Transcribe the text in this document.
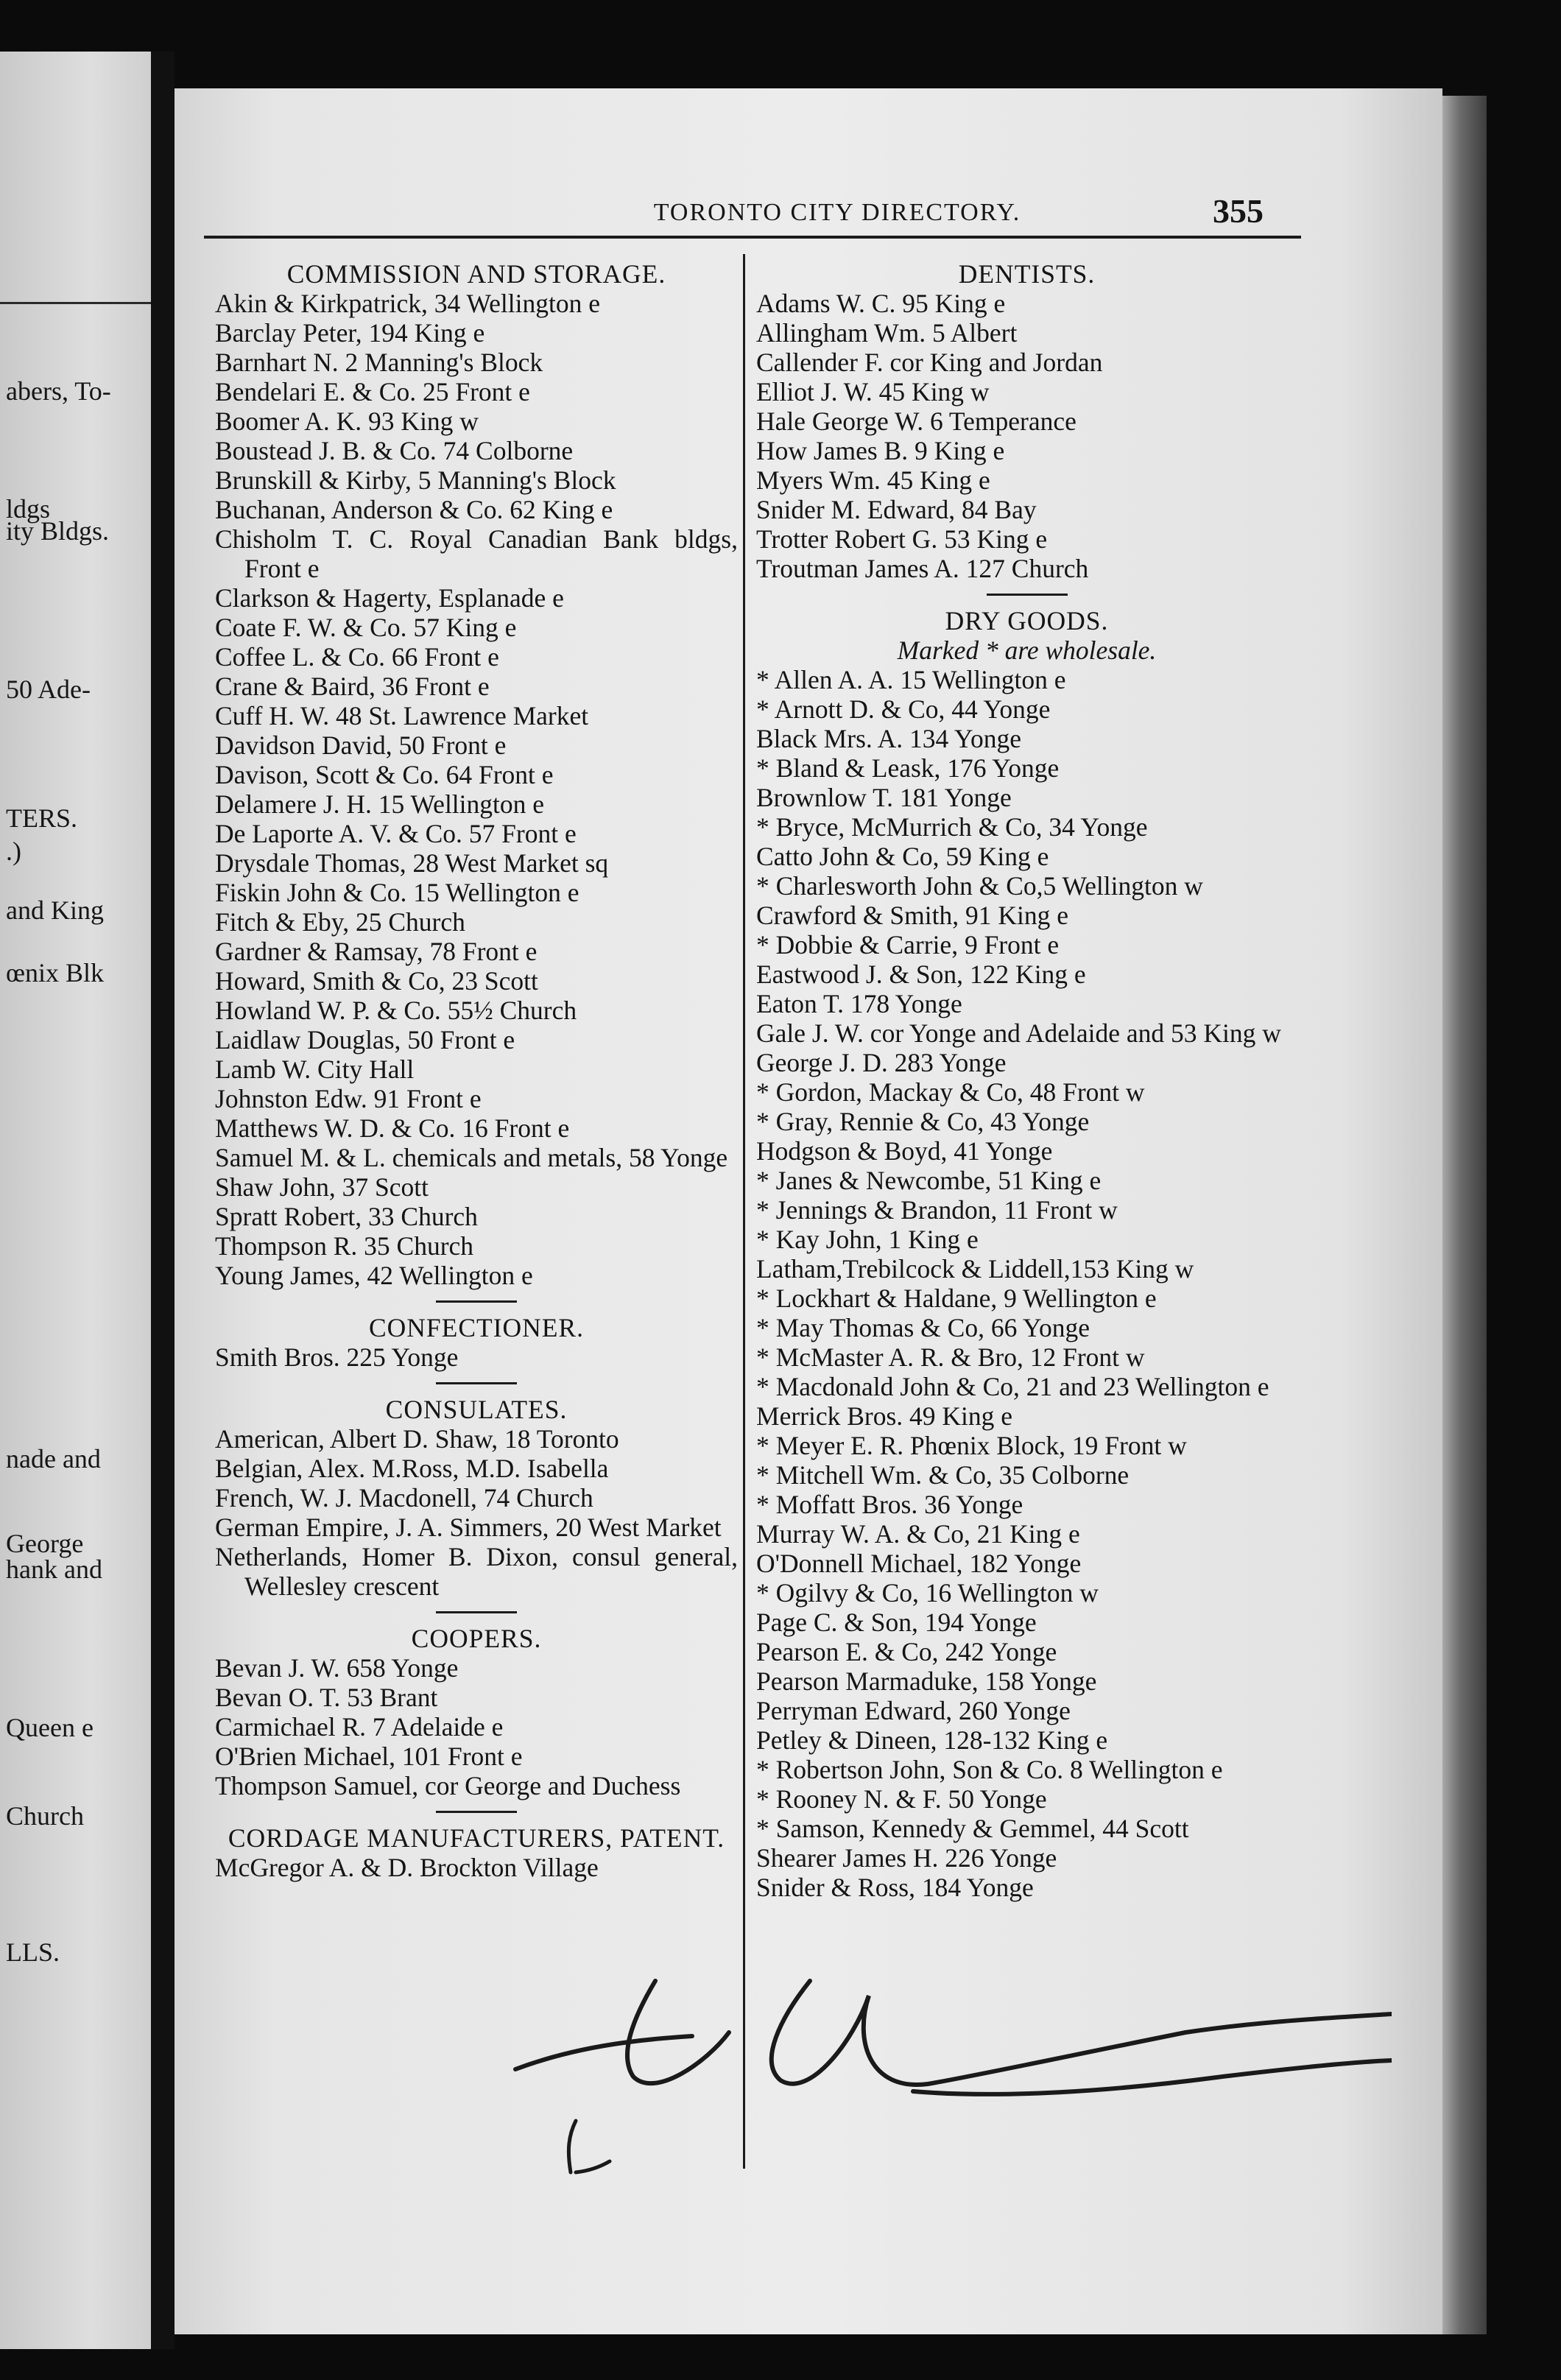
abers, To-
ldgs
ity Bldgs.
50 Ade-
TERS.
.)
and King
œnix Blk
nade and
George
hank and
Queen e
Church
LLS.
TORONTO CITY DIRECTORY.	355
COMMISSION AND STORAGE.
Akin & Kirkpatrick, 34 Wellington e
Barclay Peter, 194 King e
Barnhart N. 2 Manning's Block
Bendelari E. & Co. 25 Front e
Boomer A. K. 93 King w
Boustead J. B. & Co. 74 Colborne
Brunskill & Kirby, 5 Manning's Block
Buchanan, Anderson & Co. 62 King e
Chisholm T. C. Royal Canadian Bank bldgs, Front e
Clarkson & Hagerty, Esplanade e
Coate F. W. & Co. 57 King e
Coffee L. & Co. 66 Front e
Crane & Baird, 36 Front e
Cuff H. W. 48 St. Lawrence Market
Davidson David, 50 Front e
Davison, Scott & Co. 64 Front e
Delamere J. H. 15 Wellington e
De Laporte A. V. & Co. 57 Front e
Drysdale Thomas, 28 West Market sq
Fiskin John & Co. 15 Wellington e
Fitch & Eby, 25 Church
Gardner & Ramsay, 78 Front e
Howard, Smith & Co, 23 Scott
Howland W. P. & Co. 55½ Church
Laidlaw Douglas, 50 Front e
Lamb W. City Hall
Johnston Edw. 91 Front e
Matthews W. D. & Co. 16 Front e
Samuel M. & L. chemicals and metals, 58 Yonge
Shaw John, 37 Scott
Spratt Robert, 33 Church
Thompson R. 35 Church
Young James, 42 Wellington e
CONFECTIONER.
Smith Bros. 225 Yonge
CONSULATES.
American, Albert D. Shaw, 18 Toronto
Belgian, Alex. M.Ross, M.D. Isabella
French, W. J. Macdonell, 74 Church
German Empire, J. A. Simmers, 20 West Market
Netherlands, Homer B. Dixon, consul general, Wellesley crescent
COOPERS.
Bevan J. W. 658 Yonge
Bevan O. T. 53 Brant
Carmichael R. 7 Adelaide e
O'Brien Michael, 101 Front e
Thompson Samuel, cor George and Duchess
CORDAGE MANUFACTURERS, PATENT.
McGregor A. & D. Brockton Village
DENTISTS.
Adams W. C. 95 King e
Allingham Wm. 5 Albert
Callender F. cor King and Jordan
Elliot J. W. 45 King w
Hale George W. 6 Temperance
How James B. 9 King e
Myers Wm. 45 King e
Snider M. Edward, 84 Bay
Trotter Robert G. 53 King e
Troutman James A. 127 Church
DRY GOODS.
Marked * are wholesale.
* Allen A. A. 15 Wellington e
* Arnott D. & Co, 44 Yonge
Black Mrs. A. 134 Yonge
* Bland & Leask, 176 Yonge
Brownlow T. 181 Yonge
* Bryce, McMurrich & Co, 34 Yonge
Catto John & Co, 59 King e
* Charlesworth John & Co,5 Wellington w
Crawford & Smith, 91 King e
* Dobbie & Carrie, 9 Front e
Eastwood J. & Son, 122 King e
Eaton T. 178 Yonge
Gale J. W. cor Yonge and Adelaide and 53 King w
George J. D. 283 Yonge
* Gordon, Mackay & Co, 48 Front w
* Gray, Rennie & Co, 43 Yonge
Hodgson & Boyd, 41 Yonge
* Janes & Newcombe, 51 King e
* Jennings & Brandon, 11 Front w
* Kay John, 1 King e
Latham,Trebilcock & Liddell,153 King w
* Lockhart & Haldane, 9 Wellington e
* May Thomas & Co, 66 Yonge
* McMaster A. R. & Bro, 12 Front w
* Macdonald John & Co, 21 and 23 Wellington e
Merrick Bros. 49 King e
* Meyer E. R. Phœnix Block, 19 Front w
* Mitchell Wm. & Co, 35 Colborne
* Moffatt Bros. 36 Yonge
Murray W. A. & Co, 21 King e
O'Donnell Michael, 182 Yonge
* Ogilvy & Co, 16 Wellington w
Page C. & Son, 194 Yonge
Pearson E. & Co, 242 Yonge
Pearson Marmaduke, 158 Yonge
Perryman Edward, 260 Yonge
Petley & Dineen, 128-132 King e
* Robertson John, Son & Co. 8 Wellington e
* Rooney N. & F. 50 Yonge
* Samson, Kennedy & Gemmel, 44 Scott
Shearer James H. 226 Yonge
Snider & Ross, 184 Yonge
